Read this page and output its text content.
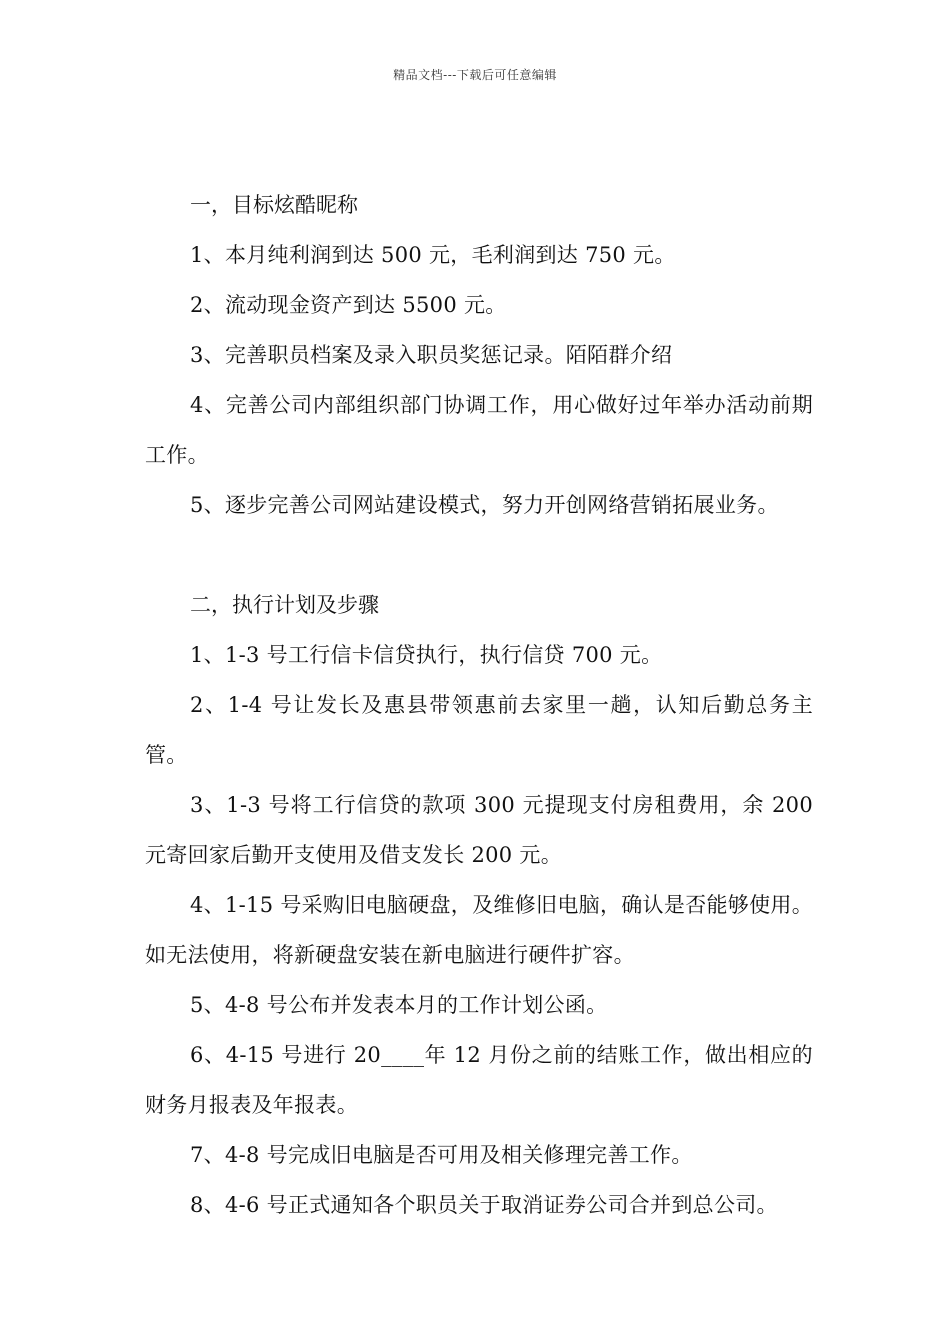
精品文档---下载后可任意编辑

一，目标炫酷昵称

1、本月纯利润到达 500 元，毛利润到达 750 元。

2、流动现金资产到达 5500 元。

3、完善职员档案及录入职员奖惩记录。陌陌群介绍

4、完善公司内部组织部门协调工作，用心做好过年举办活动前期工作。

5、逐步完善公司网站建设模式，努力开创网络营销拓展业务。

二，执行计划及步骤

1、1-3 号工行信卡信贷执行，执行信贷 700 元。

2、1-4 号让发长及惠县带领惠前去家里一趟，认知后勤总务主管。

3、1-3 号将工行信贷的款项 300 元提现支付房租费用，余 200 元寄回家后勤开支使用及借支发长 200 元。

4、1-15 号采购旧电脑硬盘，及维修旧电脑，确认是否能够使用。如无法使用，将新硬盘安装在新电脑进行硬件扩容。

5、4-8 号公布并发表本月的工作计划公函。

6、4-15 号进行 20____年 12 月份之前的结账工作，做出相应的财务月报表及年报表。

7、4-8 号完成旧电脑是否可用及相关修理完善工作。

8、4-6 号正式通知各个职员关于取消证券公司合并到总公司。
